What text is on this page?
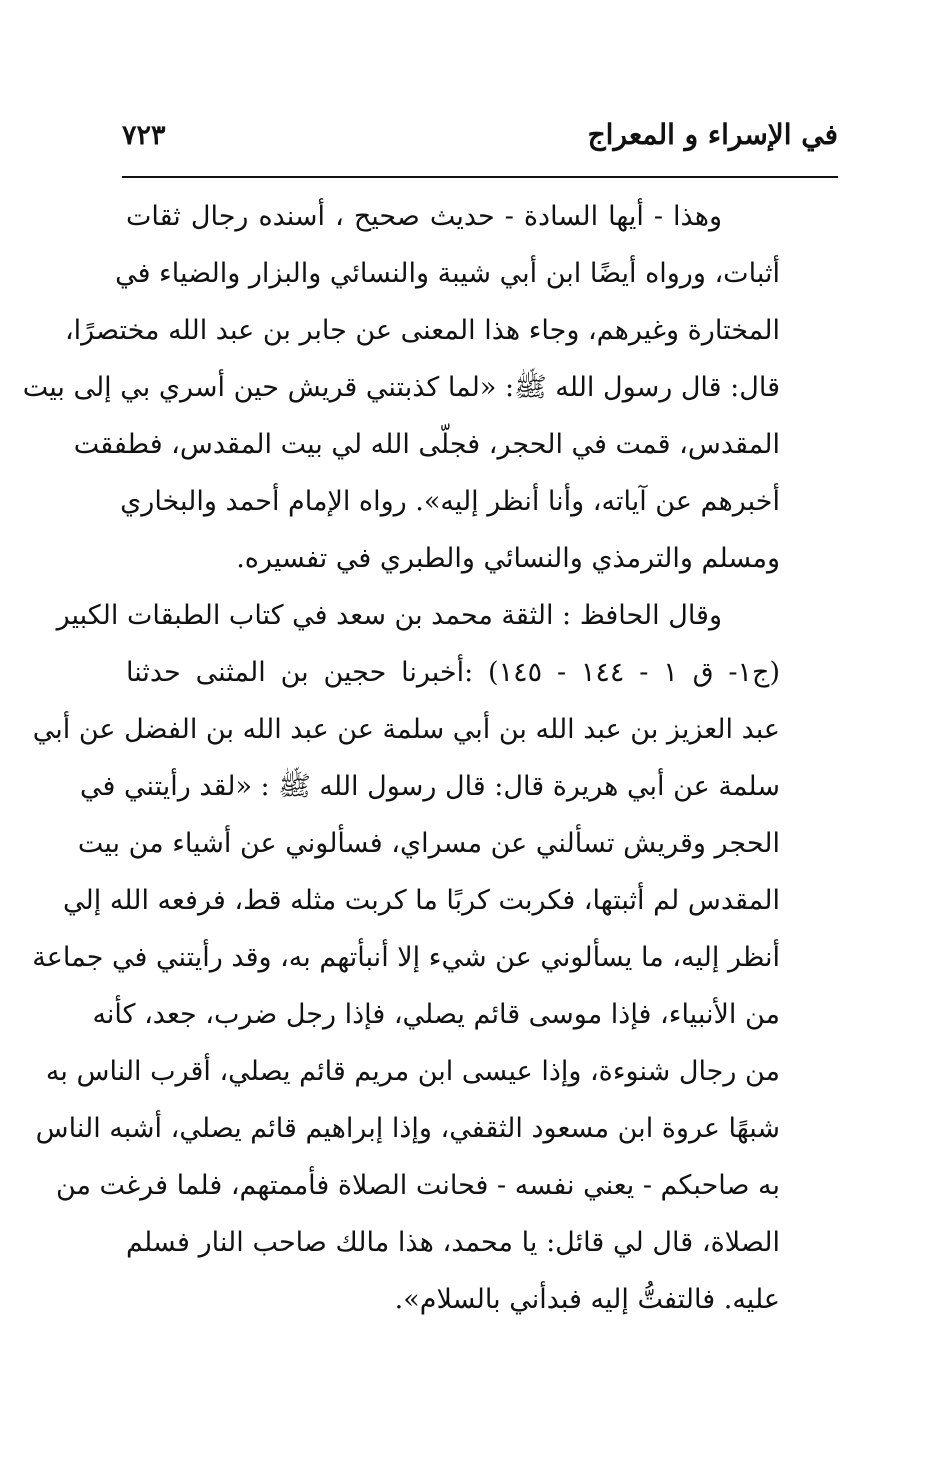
في الإسراء و المعراج
٧٢٣
وهذا - أيها السادة - حديث صحيح ، أسنده رجال ثقات
أثبات، ورواه أيضًا ابن أبي شيبة والنسائي والبزار والضياء في
المختارة وغيرهم، وجاء هذا المعنى عن جابر بن عبد الله مختصرًا،
قال: قال رسول الله ﷺ: «لما كذبتني قريش حين أسري بي إلى بيت
المقدس، قمت في الحجر، فجلّى الله لي بيت المقدس، فطفقت
أخبرهم عن آياته، وأنا أنظر إليه». رواه الإمام أحمد والبخاري
ومسلم والترمذي والنسائي والطبري في تفسيره.
وقال الحافظ : الثقة محمد بن سعد في كتاب الطبقات الكبير
(ج١- ق ١ - ١٤٤ - ١٤٥) :أخبرنا حجين بن المثنى حدثنا
عبد العزيز بن عبد الله بن أبي سلمة عن عبد الله بن الفضل عن أبي
سلمة عن أبي هريرة قال: قال رسول الله ﷺ : «لقد رأيتني في
الحجر وقريش تسألني عن مسراي، فسألوني عن أشياء من بيت
المقدس لم أثبتها، فكربت كربًا ما كربت مثله قط، فرفعه الله إلي
أنظر إليه، ما يسألوني عن شيء إلا أنبأتهم به، وقد رأيتني في جماعة
من الأنبياء، فإذا موسى قائم يصلي، فإذا رجل ضرب، جعد، كأنه
من رجال شنوءة، وإذا عيسى ابن مريم قائم يصلي، أقرب الناس به
شبهًا عروة ابن مسعود الثقفي، وإذا إبراهيم قائم يصلي، أشبه الناس
به صاحبكم - يعني نفسه - فحانت الصلاة فأممتهم، فلما فرغت من
الصلاة، قال لي قائل: يا محمد، هذا مالك صاحب النار فسلم
عليه. فالتفتُّ إليه فبدأني بالسلام».
